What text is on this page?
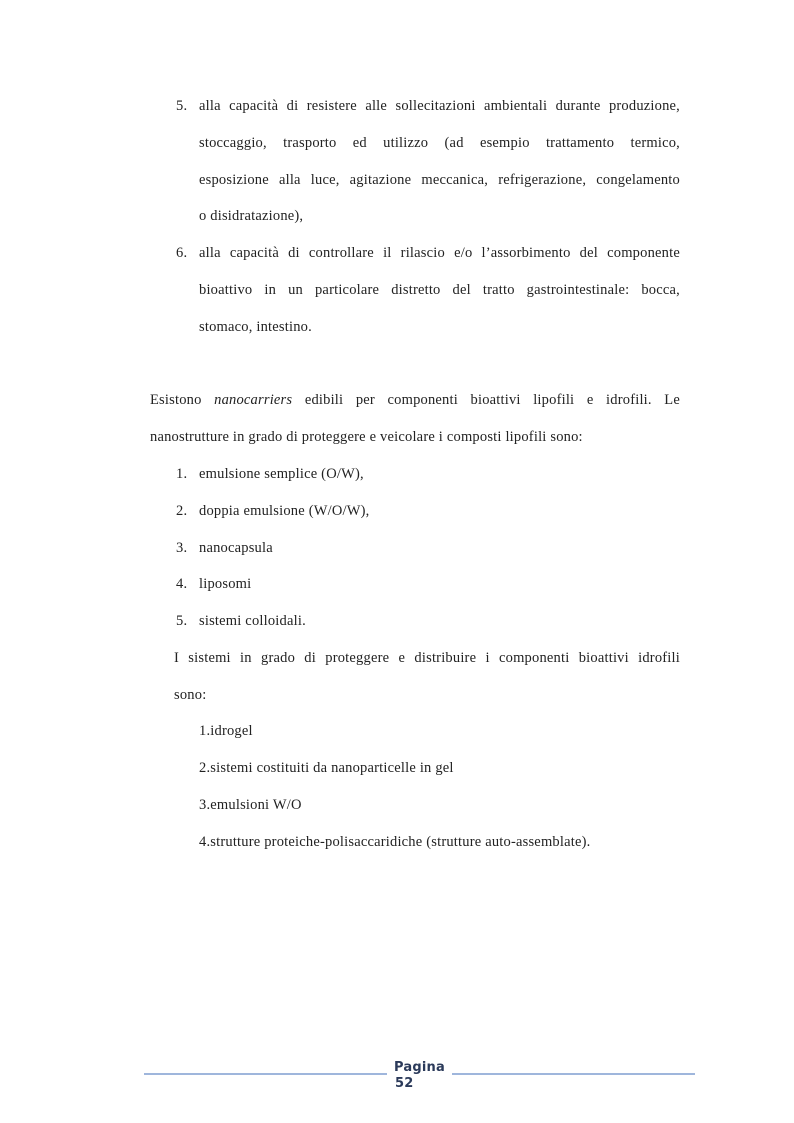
5. alla capacità di resistere alle sollecitazioni ambientali durante produzione,
stoccaggio, trasporto ed utilizzo (ad esempio trattamento termico,
esposizione alla luce, agitazione meccanica, refrigerazione, congelamento
o disidratazione),
6. alla capacità di controllare il rilascio e/o l’assorbimento del componente
bioattivo in un particolare distretto del tratto gastrointestinale: bocca,
stomaco, intestino.
Esistono nanocarriers edibili per componenti bioattivi lipofili e idrofili. Le
nanostrutture in grado di proteggere e veicolare i composti lipofili sono:
1. emulsione semplice (O/W),
2. doppia emulsione (W/O/W),
3. nanocapsula
4. liposomi
5. sistemi colloidali.
I sistemi in grado di proteggere e distribuire i componenti bioattivi idrofili
sono:
1.idrogel
2.sistemi costituiti da nanoparticelle in gel
3.emulsioni W/O
4.strutture proteiche-polisaccaridiche (strutture auto-assemblate).
Pagina
52
